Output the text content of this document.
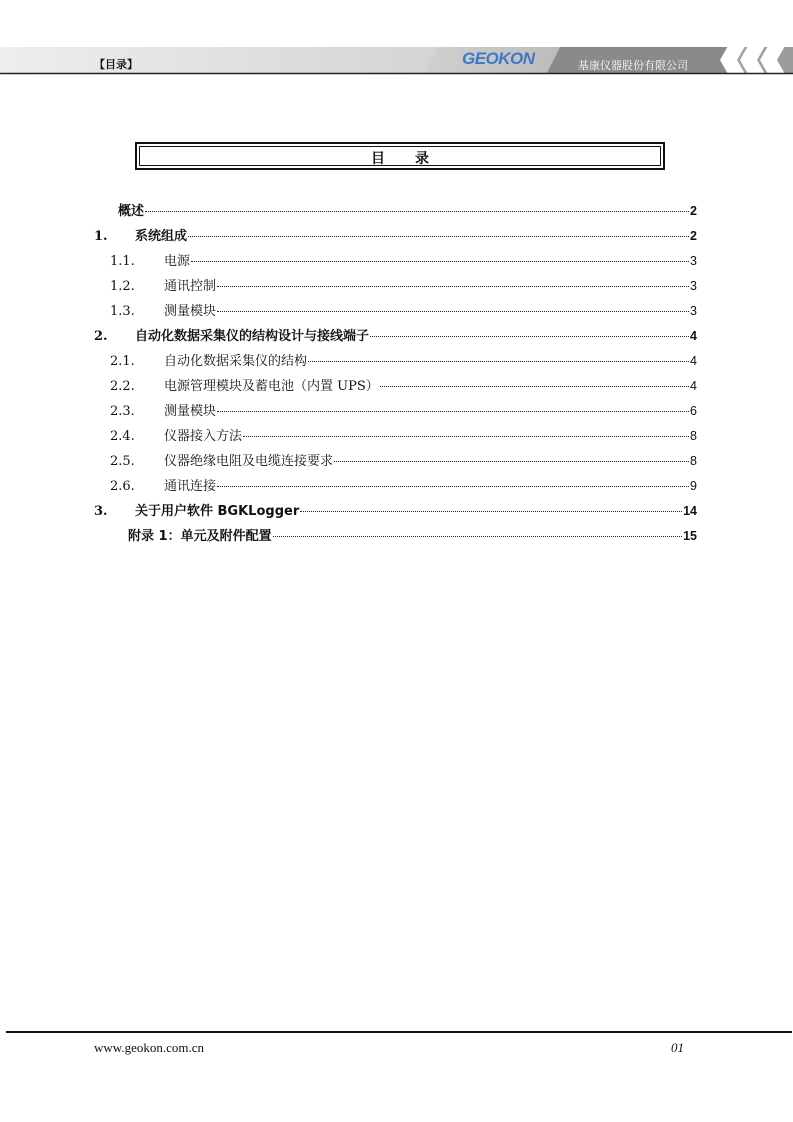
【目录】	GEOKON	基康仪器股份有限公司
目录
概述	2
1.	系统组成	2
1.1.	电源	3
1.2.	通讯控制	3
1.3.	测量模块	3
2.	自动化数据采集仪的结构设计与接线端子	4
2.1.	自动化数据采集仪的结构	4
2.2.	电源管理模块及蓄电池（内置 UPS）	4
2.3.	测量模块	6
2.4.	仪器接入方法	8
2.5.	仪器绝缘电阻及电缆连接要求	8
2.6.	通讯连接	9
3.	关于用户软件 BGKLogger	14
附录 1：单元及附件配置	15
www.geokon.com.cn	01
